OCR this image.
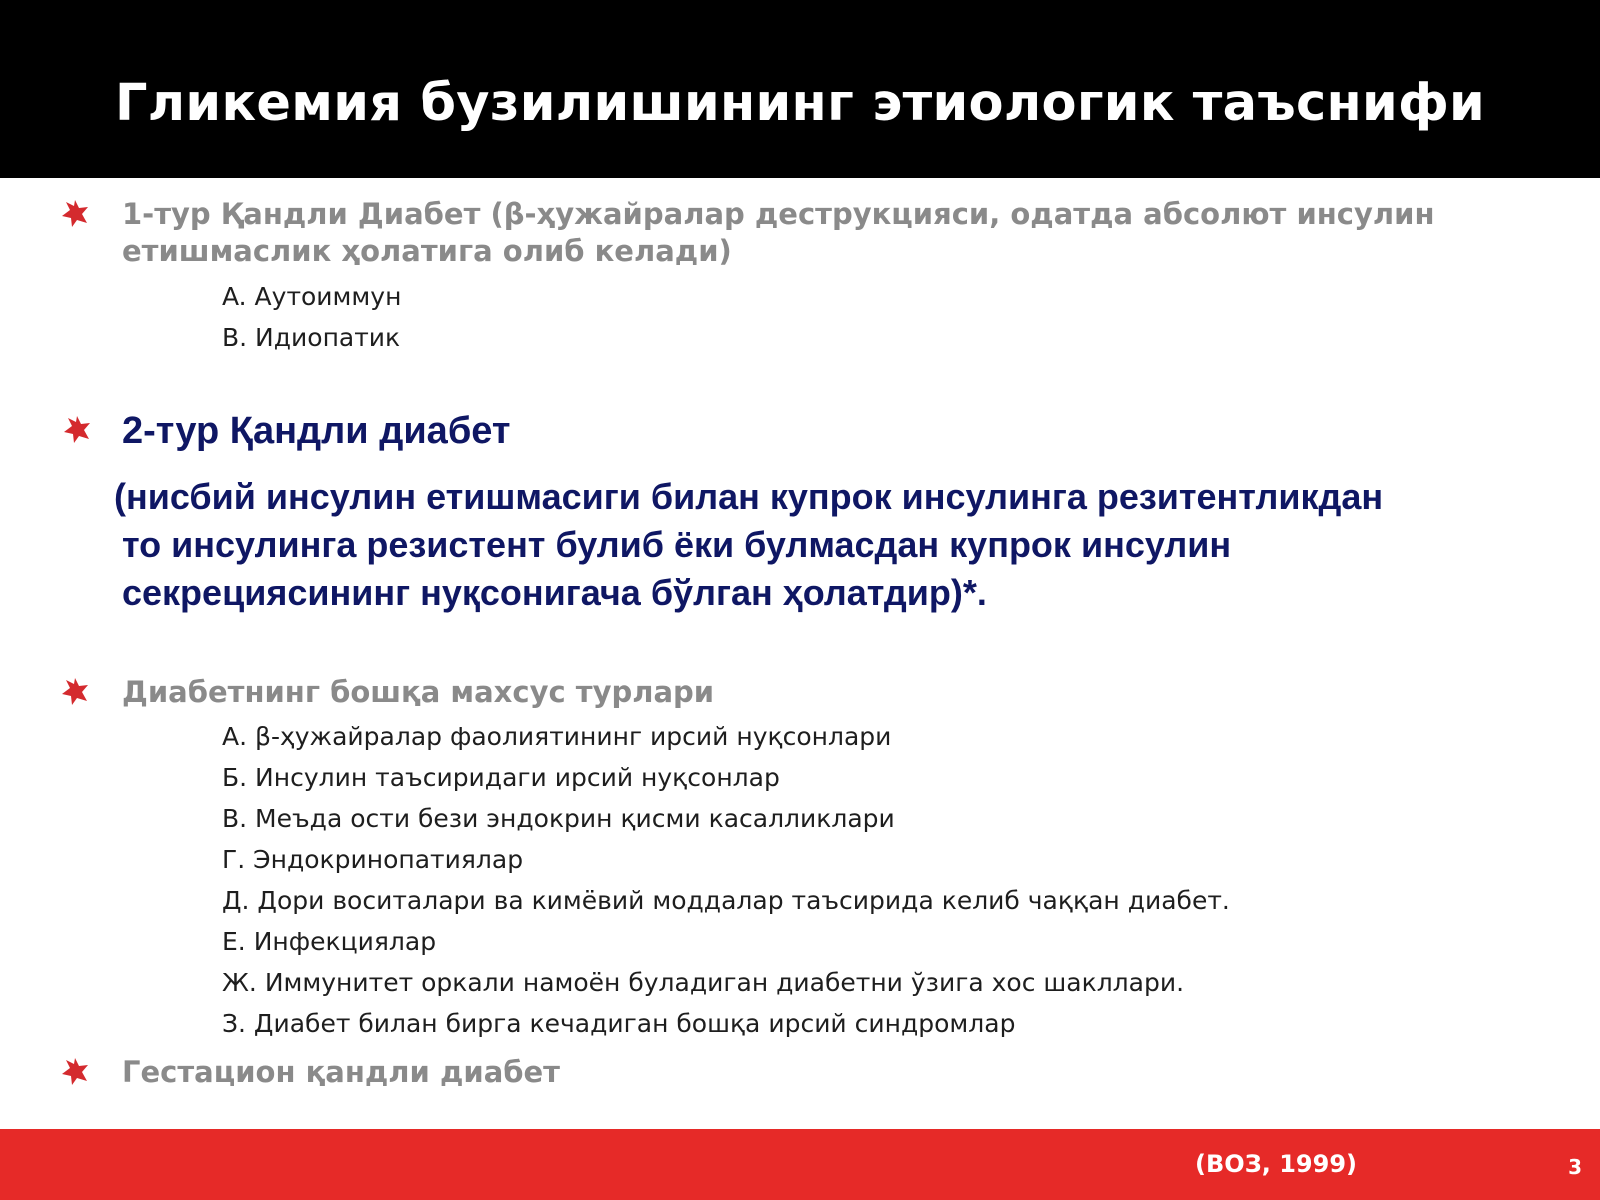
Гликемия бузилишининг этиологик таъснифи
1-тур Қандли Диабет (β-ҳужайралар деструкцияси, одатда абсолют инсулин
етишмаслик ҳолатига олиб келади)
A. Аутоиммун
B. Идиопатик
2-тур Қандли диабет
(нисбий инсулин етишмасиги билан купрок инсулинга резитентликдан
то инсулинга резистент булиб ёки булмасдан купрок инсулин
секрециясининг нуқсонигача бўлган ҳолатдир)*.
Диабетнинг бошқа махсус турлари
А. β-ҳужайралар фаолиятининг ирсий нуқсонлари
Б. Инсулин таъсиридаги ирсий нуқсонлар
В. Меъда ости бези эндокрин қисми касалликлари
Г. Эндокринопатиялар
Д. Дори воситалари ва кимёвий моддалар таъсирида келиб чаққан диабет.
Е. Инфекциялар
Ж. Иммунитет оркали намоён буладиган диабетни ўзига хос шакллари.
З. Диабет билан бирга кечадиган бошқа ирсий синдромлар
Гестацион қандли диабет
(ВОЗ, 1999)	3
